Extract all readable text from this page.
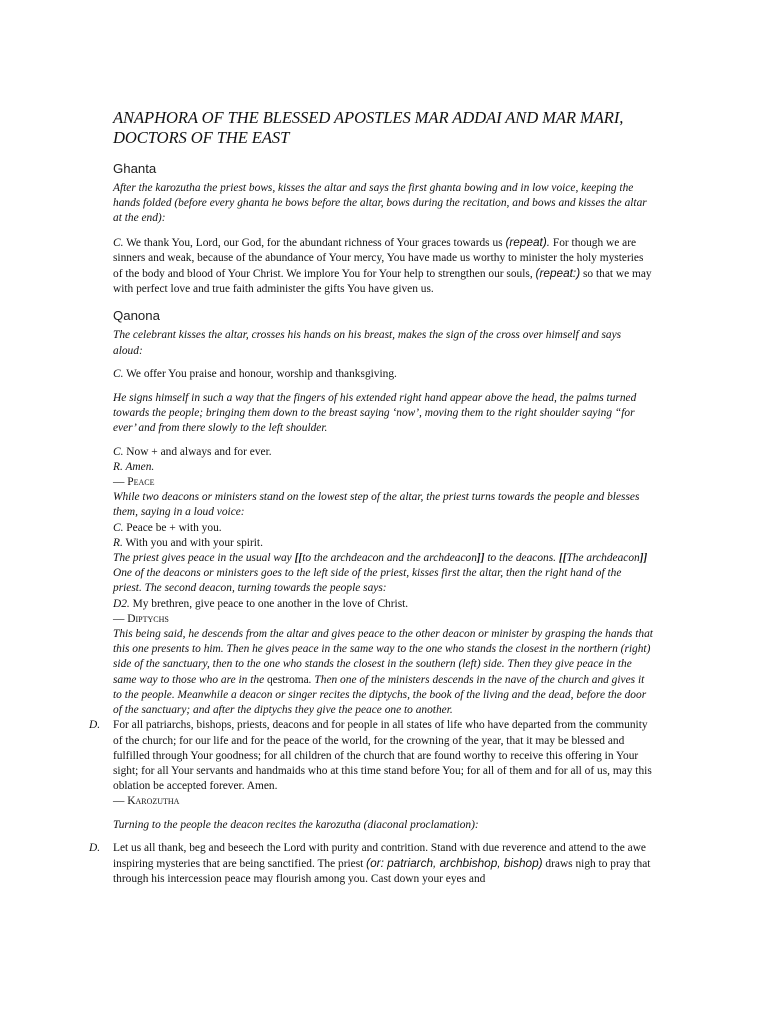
ANAPHORA OF THE BLESSED APOSTLES MAR ADDAI AND MAR MARI, DOCTORS OF THE EAST
Ghanta

After the karozutha the priest bows, kisses the altar and says the first ghanta bowing and in low voice, keeping the hands folded (before every ghanta he bows before the altar, bows during the recitation, and bows and kisses the altar at the end):

C. We thank You, Lord, our God, for the abundant richness of Your graces towards us (repeat). For though we are sinners and weak, because of the abundance of Your mercy, You have made us worthy to minister the holy mysteries of the body and blood of Your Christ. We implore You for Your help to strengthen our souls, (repeat:) so that we may with perfect love and true faith administer the gifts You have given us.

Qanona

The celebrant kisses the altar, crosses his hands on his breast, makes the sign of the cross over himself and says aloud:

C. We offer You praise and honour, worship and thanksgiving.

He signs himself in such a way that the fingers of his extended right hand appear above the head, the palms turned towards the people; bringing them down to the breast saying ‘now’, moving them to the right shoulder saying “for ever’ and from there slowly to the left shoulder.

C. Now + and always and for ever.

R. Amen.

— Peace

While two deacons or ministers stand on the lowest step of the altar, the priest turns towards the people and blesses them, saying in a loud voice:

C. Peace be + with you.

R. With you and with your spirit.

The priest gives peace in the usual way [[to the archdeacon and the archdeacon]] to the deacons. [[The archdeacon]] One of the deacons or ministers goes to the left side of the priest, kisses first the altar, then the right hand of the priest. The second deacon, turning towards the people says:

D2. My brethren, give peace to one another in the love of Christ.

— Diptychs

This being said, he descends from the altar and gives peace to the other deacon or minister by grasping the hands that this one presents to him. Then he gives peace in the same way to the one who stands the closest in the northern (right) side of the sanctuary, then to the one who stands the closest in the southern (left) side. Then they give peace in the same way to those who are in the qestroma. Then one of the ministers descends in the nave of the church and gives it to the people. Meanwhile a deacon or singer recites the diptychs, the book of the living and the dead, before the door of the sanctuary; and after the diptychs they give the peace one to another.

D. For all patriarchs, bishops, priests, deacons and for people in all states of life who have departed from the community of the church; for our life and for the peace of the world, for the crowning of the year, that it may be blessed and fulfilled through Your goodness; for all children of the church that are found worthy to receive this offering in Your sight; for all Your servants and handmaids who at this time stand before You; for all of them and for all of us, may this oblation be accepted forever. Amen.

— Karozutha

Turning to the people the deacon recites the karozutha (diaconal proclamation):

D. Let us all thank, beg and beseech the Lord with purity and contrition. Stand with due reverence and attend to the awe inspiring mysteries that are being sanctified. The priest (or: patriarch, archbishop, bishop) draws nigh to pray that through his intercession peace may flourish among you. Cast down your eyes and
